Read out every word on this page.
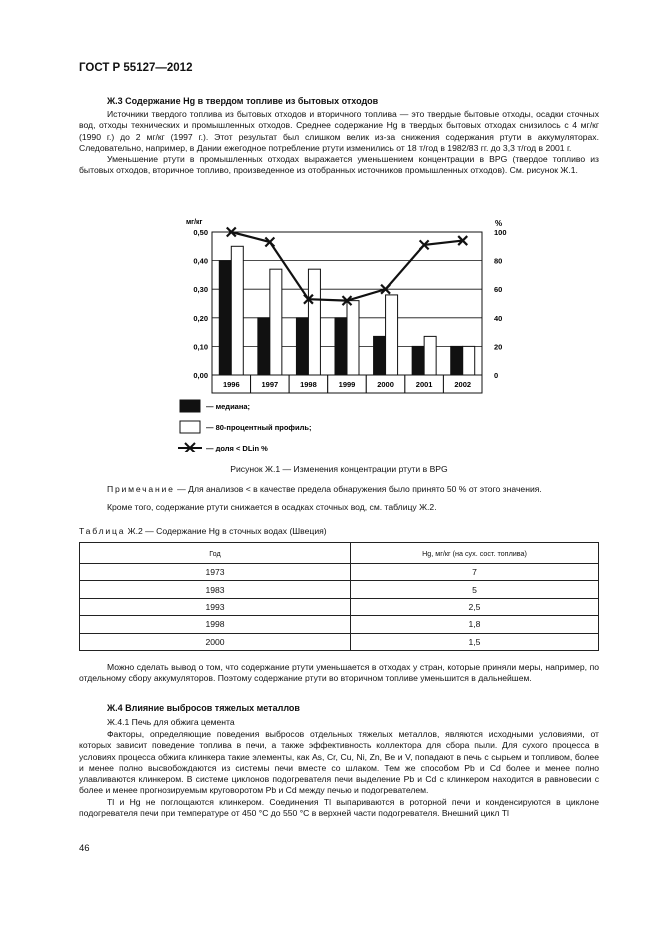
ГОСТ Р 55127—2012
Ж.3 Содержание Hg в твердом топливе из бытовых отходов

Источники твердого топлива из бытовых отходов и вторичного топлива — это твердые бытовые отходы, осадки сточных вод, отходы технических и промышленных отходов. Среднее содержание Hg в твердых бытовых отходах снизилось с 4 мг/кг (1990 г.) до 2 мг/кг (1997 г.). Этот результат был слишком велик из-за снижения содержания ртути в аккумуляторах. Следовательно, например, в Дании ежегодное потребление ртути изменились от 18 т/год в 1982/83 гг. до 3,3 т/год в 2001 г.

Уменьшение ртути в промышленных отходах выражается уменьшением концентрации в BPG (твердое топливо из бытовых отходов, вторичное топливо, произведенное из отобранных источников промышленных отходов). См. рисунок Ж.1.

мг/кг	%
0,00
0,10
0,20
0,30
0,40
0,50
0
20
40
60
80
100
1996	1997	1998	1999	2000	2001	2002
— медиана;
— 80-процентный профиль;
— доля < DLin %
Рисунок Ж.1 — Изменения концентрации ртути в BPG

Примечание — Для анализов < в качестве предела обнаружения было принято 50 % от этого значения.

Кроме того, содержание ртути снижается в осадках сточных вод, см. таблицу Ж.2.

Таблица Ж.2 — Содержание Hg в сточных водах (Швеция)
Год	Hg, мг/кг (на сух. сост. топлива)
1973	7
1983	5
1993	2,5
1998	1,8
2000	1,5

Можно сделать вывод о том, что содержание ртути уменьшается в отходах у стран, которые приняли меры, например, по отдельному сбору аккумуляторов. Поэтому содержание ртути во вторичном топливе уменьшится в дальнейшем.

Ж.4 Влияние выбросов тяжелых металлов
Ж.4.1 Печь для обжига цемента

Факторы, определяющие поведения выбросов отдельных тяжелых металлов, являются исходными условиями, от которых зависит поведение топлива в печи, а также эффективность коллектора для сбора пыли. Для сухого процесса в условиях процесса обжига клинкера такие элементы, как As, Cr, Cu, Ni, Zn, Be и V, попадают в печь с сырьем и топливом, более и менее полно высвобождаются из системы печи вместе со шлаком. Тем же способом Pb и Cd более и менее полно улавливаются клинкером. В системе циклонов подогревателя печи выделение Pb и Cd с клинкером находится в равновесии с более и менее прогнозируемым круговоротом Pb и Cd между печью и подогревателем.

Tl и Hg не поглощаются клинкером. Соединения Tl выпариваются в роторной печи и конденсируются в циклоне подогревателя печи при температуре от 450 °C до 550 °C в верхней части подогревателя. Внешний цикл Tl

46
